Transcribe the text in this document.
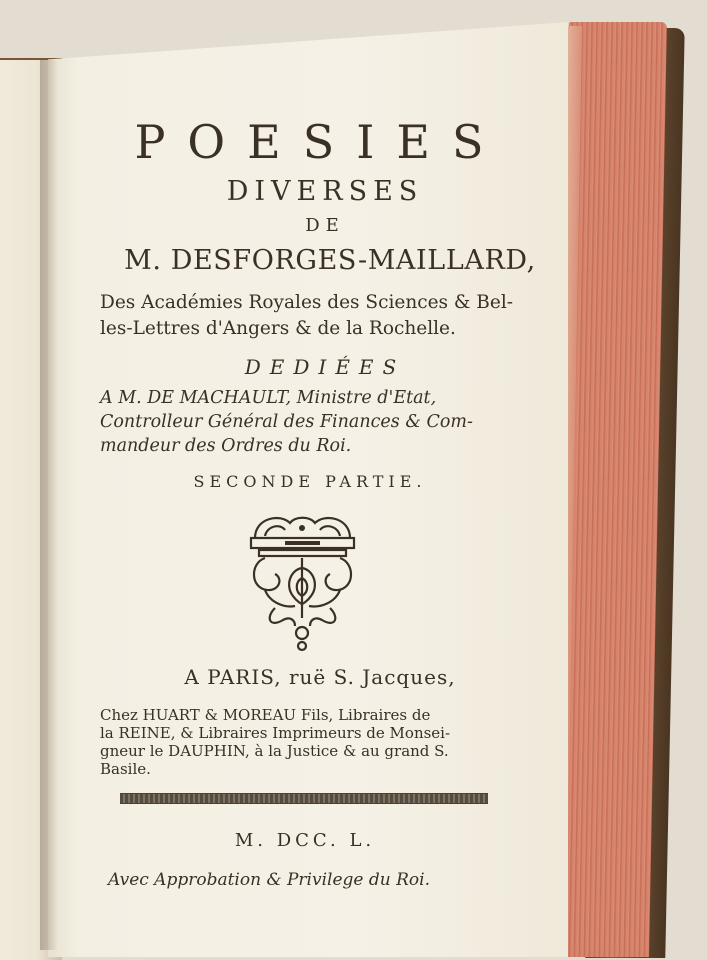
POESIES
DIVERSES
DE
M. DESFORGES-MAILLARD,
Des Académies Royales des Sciences & Bel-
les-Lettres d'Angers & de la Rochelle.
DEDIÉES
A M. DE MACHAULT, Ministre d'Etat,
Controlleur Général des Finances & Com-
mandeur des Ordres du Roi.
SECONDE PARTIE.
A PARIS, ruë S. Jacques,
Chez HUART & MOREAU Fils, Libraires de
la REINE, & Libraires Imprimeurs de Monsei-
gneur le DAUPHIN, à la Justice & au grand S.
Basile.
M. DCC. L.
Avec Approbation & Privilege du Roi.
